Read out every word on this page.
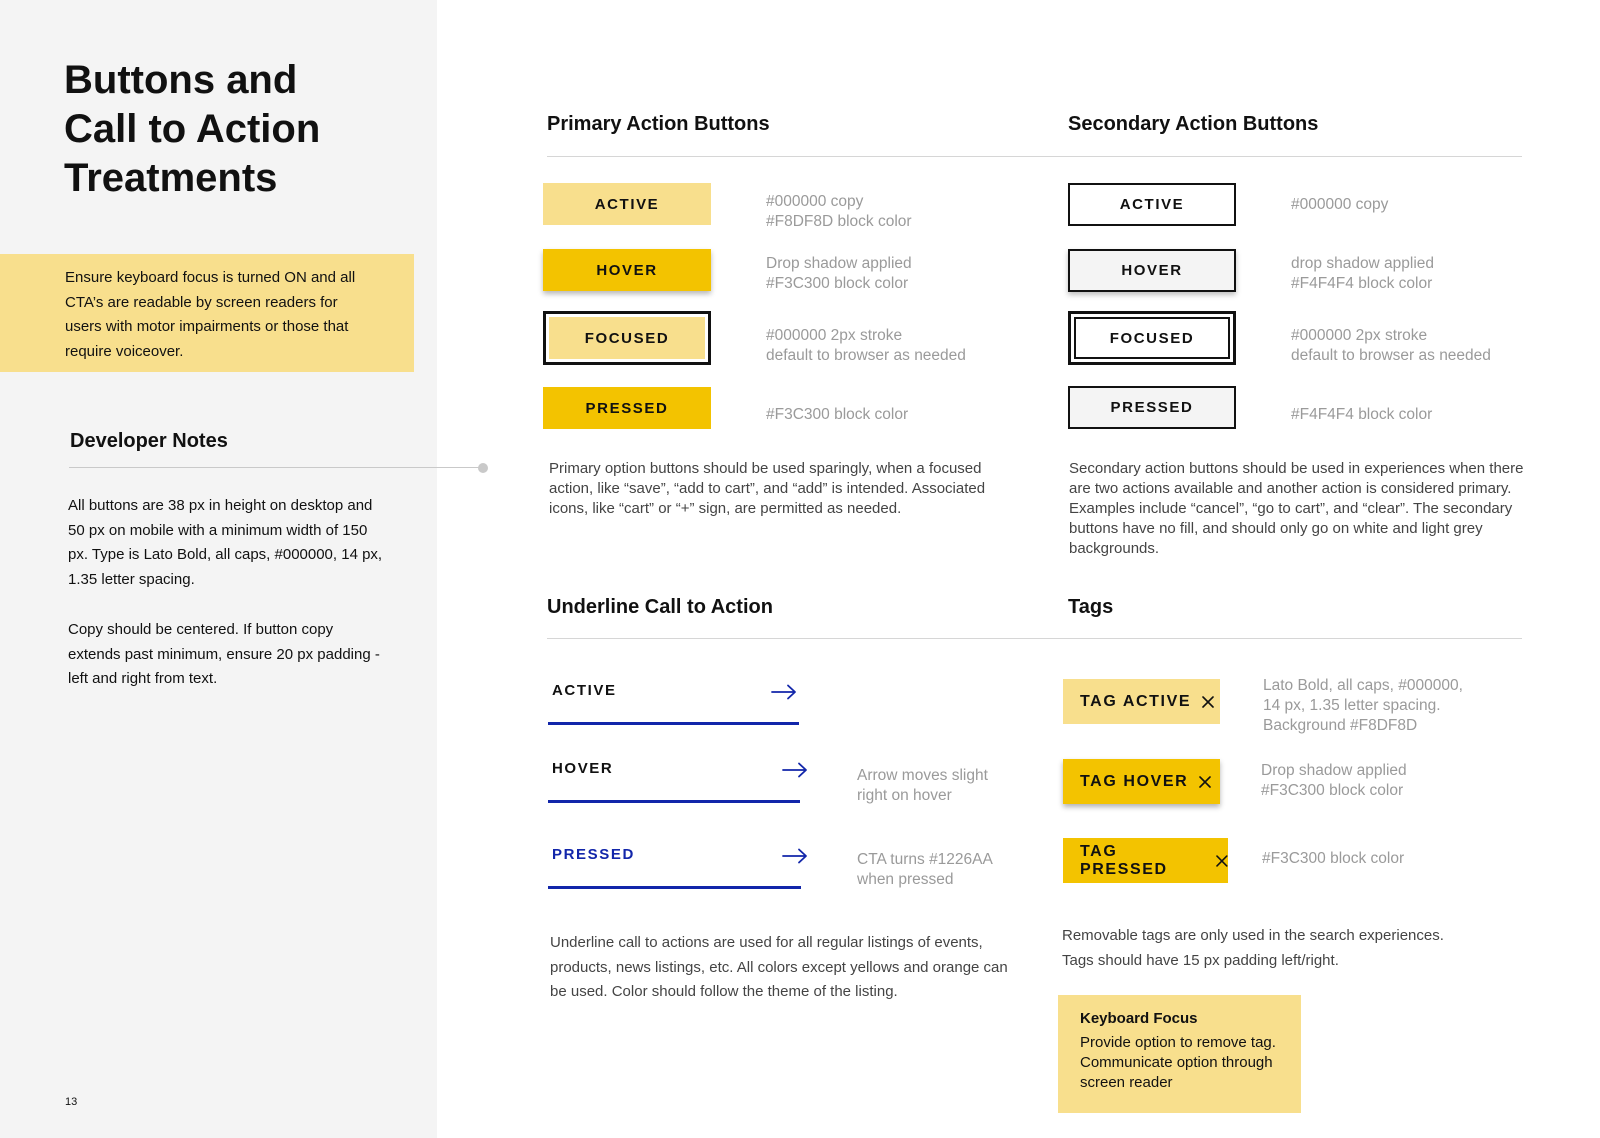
Buttons and
Call to Action
Treatments
Ensure keyboard focus is turned ON and all CTA’s are readable by screen readers for users with motor impairments or those that require voiceover.
Developer Notes

All buttons are 38 px in height on desktop and 50 px on mobile with a minimum width of 150 px. Type is Lato Bold, all caps, #000000, 14 px, 1.35 letter spacing.

Copy should be centered. If button copy extends past minimum, ensure 20 px padding - left and right from text.

13
Primary Action Buttons
ACTIVE	#000000 copy
#F8DF8D block color
HOVER	Drop shadow applied
#F3C300 block color
FOCUSED	#000000 2px stroke
default to browser as needed
PRESSED	#F3C300 block color
Primary option buttons should be used sparingly, when a focused action, like “save”, “add to cart”, and “add” is intended. Associated icons, like “cart” or “+” sign, are permitted as needed.
Secondary Action Buttons
ACTIVE	#000000 copy
HOVER	drop shadow applied
#F4F4F4 block color
FOCUSED	#000000 2px stroke
default to browser as needed
PRESSED	#F4F4F4 block color
Secondary action buttons should be used in experiences when there are two actions available and another action is considered primary. Examples include “cancel”, “go to cart”, and “clear”. The secondary buttons have no fill, and should only go on white and light grey backgrounds.
Underline Call to Action
ACTIVE
HOVER	Arrow moves slight
right on hover
PRESSED	CTA turns #1226AA
when pressed
Underline call to actions are used for all regular listings of events, products, news listings, etc. All colors except yellows and orange can be used. Color should follow the theme of the listing.
Tags
TAG ACTIVE
Lato Bold, all caps, #000000,
14 px, 1.35 letter spacing.
Background #F8DF8D
TAG HOVER
Drop shadow applied
#F3C300 block color
TAG PRESSED
#F3C300 block color
Removable tags are only used in the search experiences.
Tags should have 15 px padding left/right.
Keyboard Focus
Provide option to remove tag. Communicate option through screen reader
